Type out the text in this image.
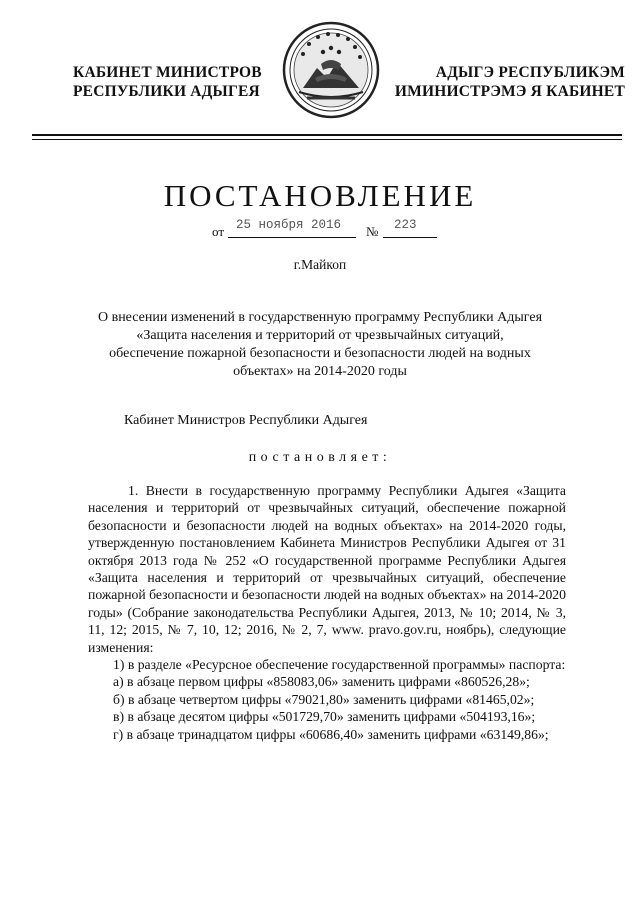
КАБИНЕТ МИНИСТРОВ
РЕСПУБЛИКИ АДЫГЕЯ
АДЫГЭ РЕСПУБЛИКЭМ
ИМИНИСТРЭМЭ Я КАБИНЕТ
ПОСТАНОВЛЕНИЕ
от 25 ноября 2016 № 223
г.Майкоп
О внесении изменений в государственную программу Республики Адыгея
«Защита населения и территорий от чрезвычайных ситуаций,
обеспечение пожарной безопасности и безопасности людей на водных
объектах» на 2014-2020 годы
Кабинет Министров Республики Адыгея
постановляет:

1. Внести в государственную программу Республики Адыгея «Защита населения и территорий от чрезвычайных ситуаций, обеспечение пожарной безопасности и безопасности людей на водных объектах» на 2014-2020 годы, утвержденную постановлением Кабинета Министров Республики Адыгея от 31 октября 2013 года № 252 «О государственной программе Республики Адыгея «Защита населения и территорий от чрезвычайных ситуаций, обеспечение пожарной безопасности и безопасности людей на водных объектах» на 2014-2020 годы» (Собрание законодательства Республики Адыгея, 2013, № 10; 2014, № 3, 11, 12; 2015, № 7, 10, 12; 2016, № 2, 7, www. pravo.gov.ru, ноябрь), следующие изменения:

1) в разделе «Ресурсное обеспечение государственной программы» паспорта:

а) в абзаце первом цифры «858083,06» заменить цифрами «860526,28»;

б) в абзаце четвертом цифры «79021,80» заменить цифрами «81465,02»;

в) в абзаце десятом цифры «501729,70» заменить цифрами «504193,16»;

г) в абзаце тринадцатом цифры «60686,40» заменить цифрами «63149,86»;
